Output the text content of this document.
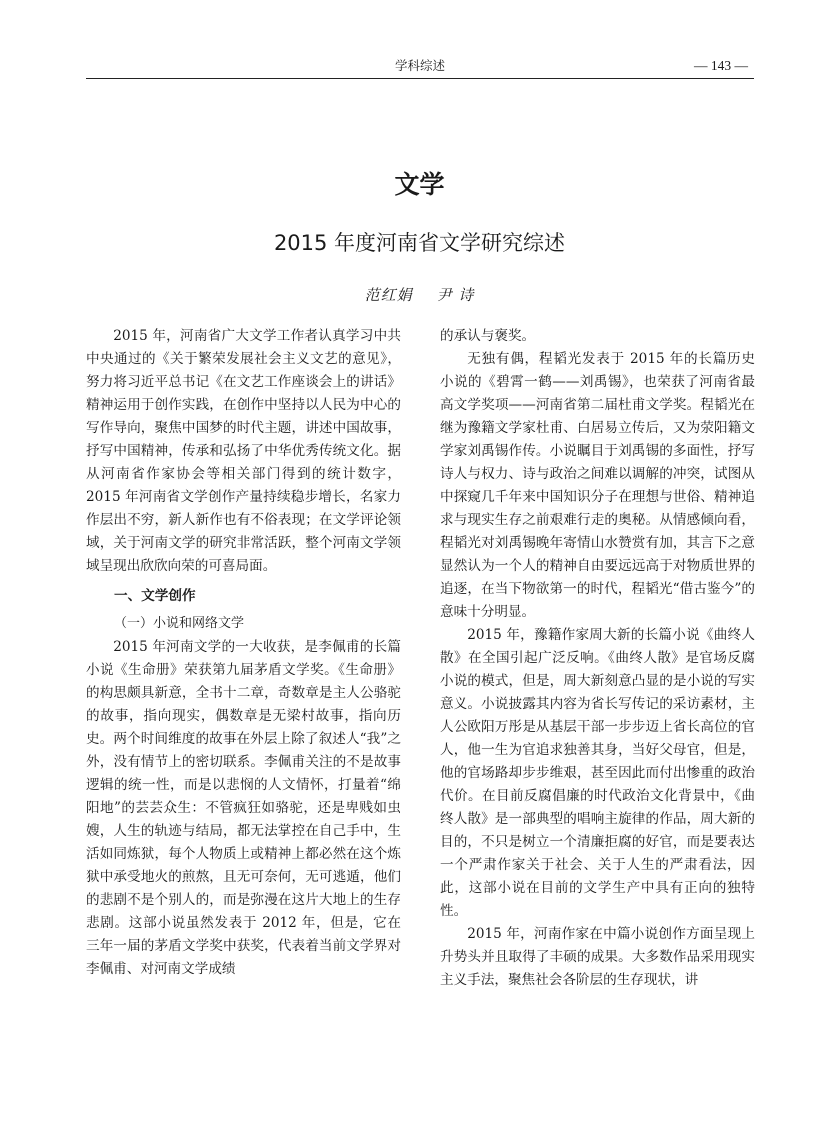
学科综述	— 143 —
文学
2015 年度河南省文学研究综述
范红娟 尹 诗

2015 年，河南省广大文学工作者认真学习中共中央通过的《关于繁荣发展社会主义文艺的意见》，努力将习近平总书记《在文艺工作座谈会上的讲话》精神运用于创作实践，在创作中坚持以人民为中心的写作导向，聚焦中国梦的时代主题，讲述中国故事，抒写中国精神，传承和弘扬了中华优秀传统文化。据从河南省作家协会等相关部门得到的统计数字，2015 年河南省文学创作产量持续稳步增长，名家力作层出不穷，新人新作也有不俗表现；在文学评论领域，关于河南文学的研究非常活跃，整个河南文学领域呈现出欣欣向荣的可喜局面。

一、文学创作
（一）小说和网络文学

2015 年河南文学的一大收获，是李佩甫的长篇小说《生命册》荣获第九届茅盾文学奖。《生命册》的构思颇具新意，全书十二章，奇数章是主人公骆驼的故事，指向现实，偶数章是无梁村故事，指向历史。两个时间维度的故事在外层上除了叙述人“我”之外，没有情节上的密切联系。李佩甫关注的不是故事逻辑的统一性，而是以悲悯的人文情怀，打量着“绵阳地”的芸芸众生：不管疯狂如骆驼，还是卑贱如虫嫂，人生的轨迹与结局，都无法掌控在自己手中，生活如同炼狱，每个人物质上或精神上都必然在这个炼狱中承受地火的煎熬，且无可奈何，无可逃遁，他们的悲剧不是个别人的，而是弥漫在这片大地上的生存悲剧。这部小说虽然发表于 2012 年，但是，它在三年一届的茅盾文学奖中获奖，代表着当前文学界对李佩甫、对河南文学成绩

的承认与褒奖。

无独有偶，程韬光发表于 2015 年的长篇历史小说的《碧霄一鹤——刘禹锡》，也荣获了河南省最高文学奖项——河南省第二届杜甫文学奖。程韬光在继为豫籍文学家杜甫、白居易立传后，又为荥阳籍文学家刘禹锡作传。小说瞩目于刘禹锡的多面性，抒写诗人与权力、诗与政治之间难以调解的冲突，试图从中探窥几千年来中国知识分子在理想与世俗、精神追求与现实生存之前艰难行走的奥秘。从情感倾向看，程韬光对刘禹锡晚年寄情山水赞赏有加，其言下之意显然认为一个人的精神自由要远远高于对物质世界的追逐，在当下物欲第一的时代，程韬光“借古鉴今”的意味十分明显。

2015 年，豫籍作家周大新的长篇小说《曲终人散》在全国引起广泛反响。《曲终人散》是官场反腐小说的模式，但是，周大新刻意凸显的是小说的写实意义。小说披露其内容为省长写传记的采访素材，主人公欧阳万彤是从基层干部一步步迈上省长高位的官人，他一生为官追求独善其身，当好父母官，但是，他的官场路却步步维艰，甚至因此而付出惨重的政治代价。在目前反腐倡廉的时代政治文化背景中，《曲终人散》是一部典型的唱响主旋律的作品，周大新的目的，不只是树立一个清廉拒腐的好官，而是要表达一个严肃作家关于社会、关于人生的严肃看法，因此，这部小说在目前的文学生产中具有正向的独特性。

2015 年，河南作家在中篇小说创作方面呈现上升势头并且取得了丰硕的成果。大多数作品采用现实主义手法，聚焦社会各阶层的生存现状，讲
